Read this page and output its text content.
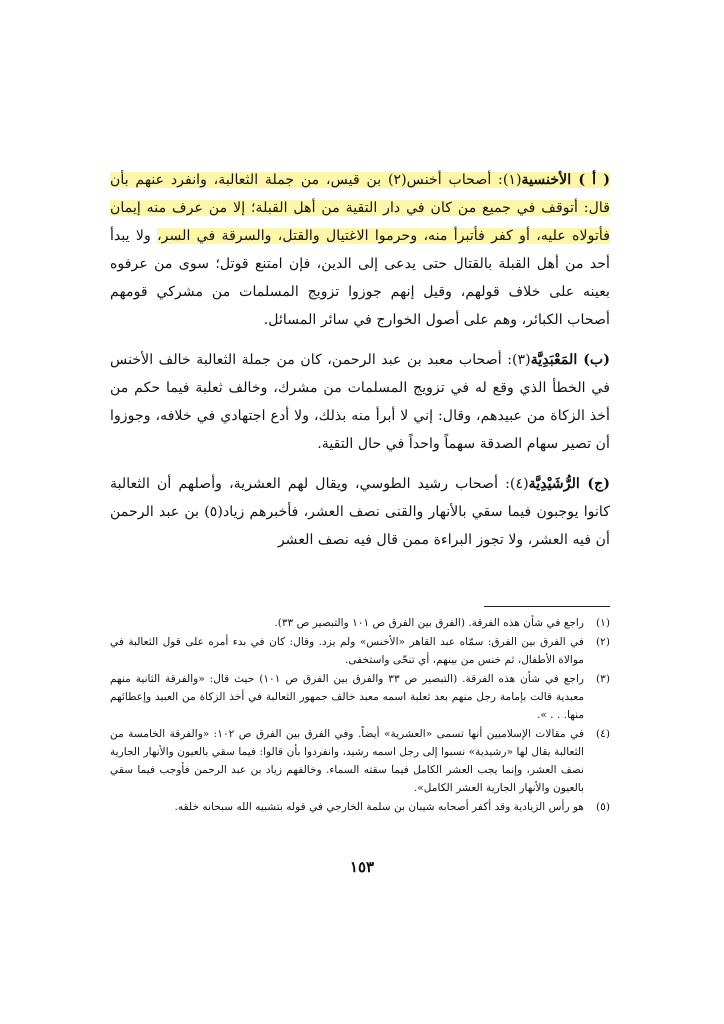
( أ ) الأخنسية(١): أصحاب أخنس(٢) بن قيس، من جملة الثعالبة، وانفرد عنهم بأن قال: أتوقف في جميع من كان في دار التقية من أهل القبلة؛ إلا من عرف منه إيمان فأتولاه عليه، أو كفر فأتبرأ منه، وحرموا الاغتيال والقتل، والسرقة في السر، ولا يبدأ أحد من أهل القبلة بالقتال حتى يدعى إلى الدين، فإن امتنع قوتل؛ سوى من عرفوه بعينه على خلاف قولهم، وقيل إنهم جوزوا تزويج المسلمات من مشركي قومهم أصحاب الكبائر، وهم على أصول الخوارج في سائر المسائل.

(ب) المَعْبَدِيَّة(٣): أصحاب معبد بن عبد الرحمن، كان من جملة الثعالبة خالف الأخنس في الخطأ الذي وقع له في تزويج المسلمات من مشرك، وخالف ثعلبة فيما حكم من أخذ الزكاة من عبيدهم، وقال: إني لا أبرأ منه بذلك، ولا أدع اجتهادي في خلافه، وجوزوا أن تصير سهام الصدقة سهماً واحداً في حال التقية.

(ج) الرُّشَيْدِيَّة(٤): أصحاب رشيد الطوسي، ويقال لهم العشرية، وأصلهم أن الثعالبة كانوا يوجبون فيما سقي بالأنهار والقنى نصف العشر، فأخبرهم زياد(٥) بن عبد الرحمن أن فيه العشر، ولا تجوز البراءة ممن قال فيه نصف العشر

(١)
راجع في شأن هذه الفرقة. (الفرق بين الفرق ص ١٠١ والتبصير ص ٣٣).
(٢)
في الفرق بين الفرق: سمّاه عبد القاهر «الأخنس» ولم يزد. وقال: كان في بدء أمره على قول الثعالبة في موالاة الأطفال، ثم خنس من بينهم، أي تنحّى واستخفى.
(٣)
راجع في شأن هذه الفرقة. (التبصير ص ٣٣ والفرق بين الفرق ص ١٠١) حيث قال: «والفرقة الثانية منهم معبدية قالت بإمامة رجل منهم بعد ثعلبة اسمه معبد خالف جمهور الثعالبة في أخذ الزكاة من العبيد وإعطائهم منها. . . ».
(٤)
في مقالات الإسلاميين أنها تسمى «العشرية» أيضاً. وفي الفرق بين الفرق ص ١٠٢: «والفرقة الخامسة من الثعالبة يقال لها «رشيدية» نسبوا إلى رجل اسمه رشيد، وانفردوا بأن قالوا: فيما سقي بالعيون والأنهار الجارية نصف العشر، وإنما يجب العشر الكامل فيما سقته السماء. وخالفهم زياد بن عبد الرحمن فأوجب فيما سقي بالعيون والأنهار الجارية العشر الكامل».
(٥)
هو رأس الزيادية وقد أكفر أصحابه شيبان بن سلمة الخارجي في قوله بتشبيه الله سبحانه خلقه.
١٥٣
